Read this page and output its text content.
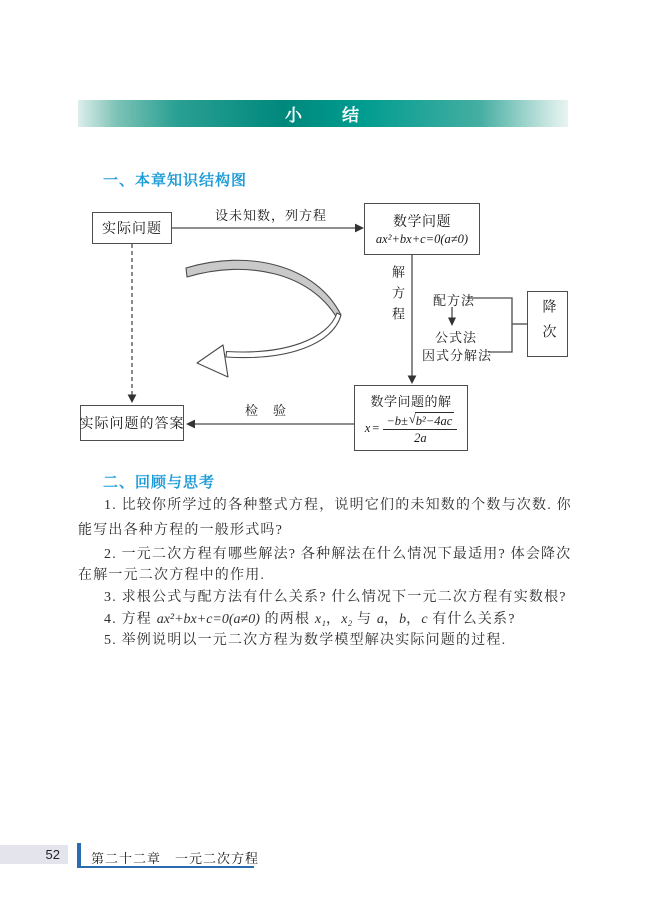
小　　结
一、本章知识结构图
实际问题	数学问题
ax²+bx+c=0(a≠0)
降次
数学问题的解
$x = \frac{\text{−b± √ b²−4ac}}{2a}$
实际问题的答案
设未知数，列方程
解方程 配方法
公式法
因式分解法
检　验
二、回顾与思考
1. 比较你所学过的各种整式方程，说明它们的未知数的个数与次数. 你
能写出各种方程的一般形式吗?
2. 一元二次方程有哪些解法? 各种解法在什么情况下最适用? 体会降次
在解一元二次方程中的作用.
3. 求根公式与配方法有什么关系? 什么情况下一元二次方程有实数根?
4. 方程 ax²+bx+c=0(a≠0) 的两根 x₁，x₂ 与 a，b，c 有什么关系?
5. 举例说明以一元二次方程为数学模型解决实际问题的过程.
52	第二十二章　一元二次方程
